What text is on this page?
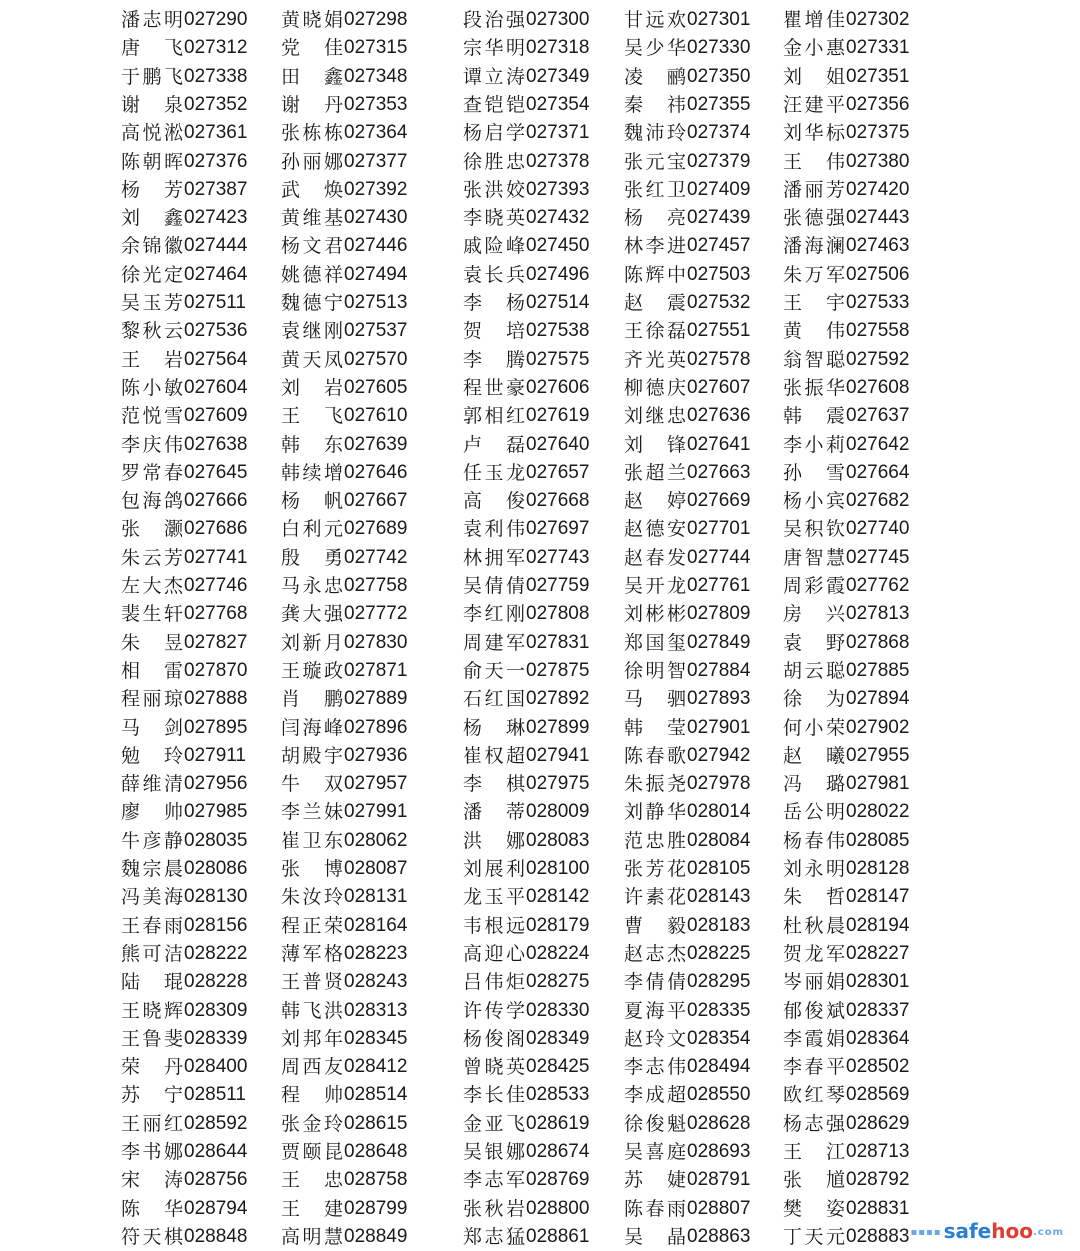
潘志明027290 黄晓娟027298	段治强027300 甘远欢027301 瞿增佳027302
唐飞027312 党佳027315	宗华明027318 吴少华027330 金小惠027331
于鹏飞027338 田鑫027348	谭立涛027349 凌鹂027350 刘姐027351
谢泉027352 谢丹027353	查铠铠027354 秦祎027355 汪建平027356
高悦淞027361 张栋栋027364	杨启学027371 魏沛玲027374 刘华标027375
陈朝晖027376 孙丽娜027377	徐胜忠027378 张元宝027379 王伟027380
杨芳027387 武焕027392	张洪姣027393 张红卫027409 潘丽芳027420
刘鑫027423 黄维基027430	李晓英027432 杨亮027439 张德强027443
余锦徽027444 杨文君027446	戚险峰027450 林李进027457 潘海澜027463
徐光定027464 姚德祥027494	袁长兵027496 陈辉中027503 朱万军027506
吴玉芳027511 魏德宁027513	李杨027514 赵震027532 王宇027533
黎秋云027536 袁继刚027537	贺培027538 王徐磊027551 黄伟027558
王岩027564 黄天凤027570	李腾027575 齐光英027578 翁智聪027592
陈小敏027604 刘岩027605	程世豪027606 柳德庆027607 张振华027608
范悦雪027609 王飞027610	郭相红027619 刘继忠027636 韩震027637
李庆伟027638 韩东027639	卢磊027640 刘锋027641 李小莉027642
罗常春027645 韩续增027646	任玉龙027657 张超兰027663 孙雪027664
包海鸽027666 杨帆027667	高俊027668 赵婷027669 杨小宾027682
张灏027686 白利元027689	袁利伟027697 赵德安027701 吴积钦027740
朱云芳027741 殷勇027742	林拥军027743 赵春发027744 唐智慧027745
左大杰027746 马永忠027758	吴倩倩027759 吴开龙027761 周彩霞027762
裴生轩027768 龚大强027772	李红刚027808 刘彬彬027809 房兴027813
朱昱027827 刘新月027830	周建军027831 郑国玺027849 袁野027868
相雷027870 王璇政027871	俞天一027875 徐明智027884 胡云聪027885
程丽琼027888 肖鹏027889	石红国027892 马驷027893 徐为027894
马剑027895 闫海峰027896	杨琳027899 韩莹027901 何小荣027902
勉玲027911 胡殿宇027936	崔权超027941 陈春歌027942 赵曦027955
薛维清027956 牛双027957	李棋027975 朱振尧027978 冯璐027981
廖帅027985 李兰妹027991	潘蒂028009 刘静华028014 岳公明028022
牛彦静028035 崔卫东028062	洪娜028083 范忠胜028084 杨春伟028085
魏宗晨028086 张博028087	刘展利028100 张芳花028105 刘永明028128
冯美海028130 朱汝玲028131	龙玉平028142 许素花028143 朱哲028147
王春雨028156 程正荣028164	韦根远028179 曹毅028183 杜秋晨028194
熊可洁028222 薄军格028223	高迎心028224 赵志杰028225 贺龙军028227
陆琨028228 王普贤028243	吕伟炬028275 李倩倩028295 岑丽娟028301
王晓辉028309 韩飞洪028313	许传学028330 夏海平028335 郁俊斌028337
王鲁斐028339 刘邦年028345	杨俊阁028349 赵玲文028354 李霞娟028364
荣丹028400 周西友028412	曾晓英028425 李志伟028494 李春平028502
苏宁028511 程帅028514	李长佳028533 李成超028550 欧红琴028569
王丽红028592 张金玲028615	金亚飞028619 徐俊魁028628 杨志强028629
李书娜028644 贾颐昆028648	吴银娜028674 吴喜庭028693 王江028713
宋涛028756 王忠028758	李志军028769 苏婕028791 张馗028792
陈华028794 王建028799	张秋岩028800 陈春雨028807 樊姿028831
符天棋028848 高明慧028849	郑志猛028861 吴晶028863 丁天元028883 ▪▪▪▪ safehoo.com
